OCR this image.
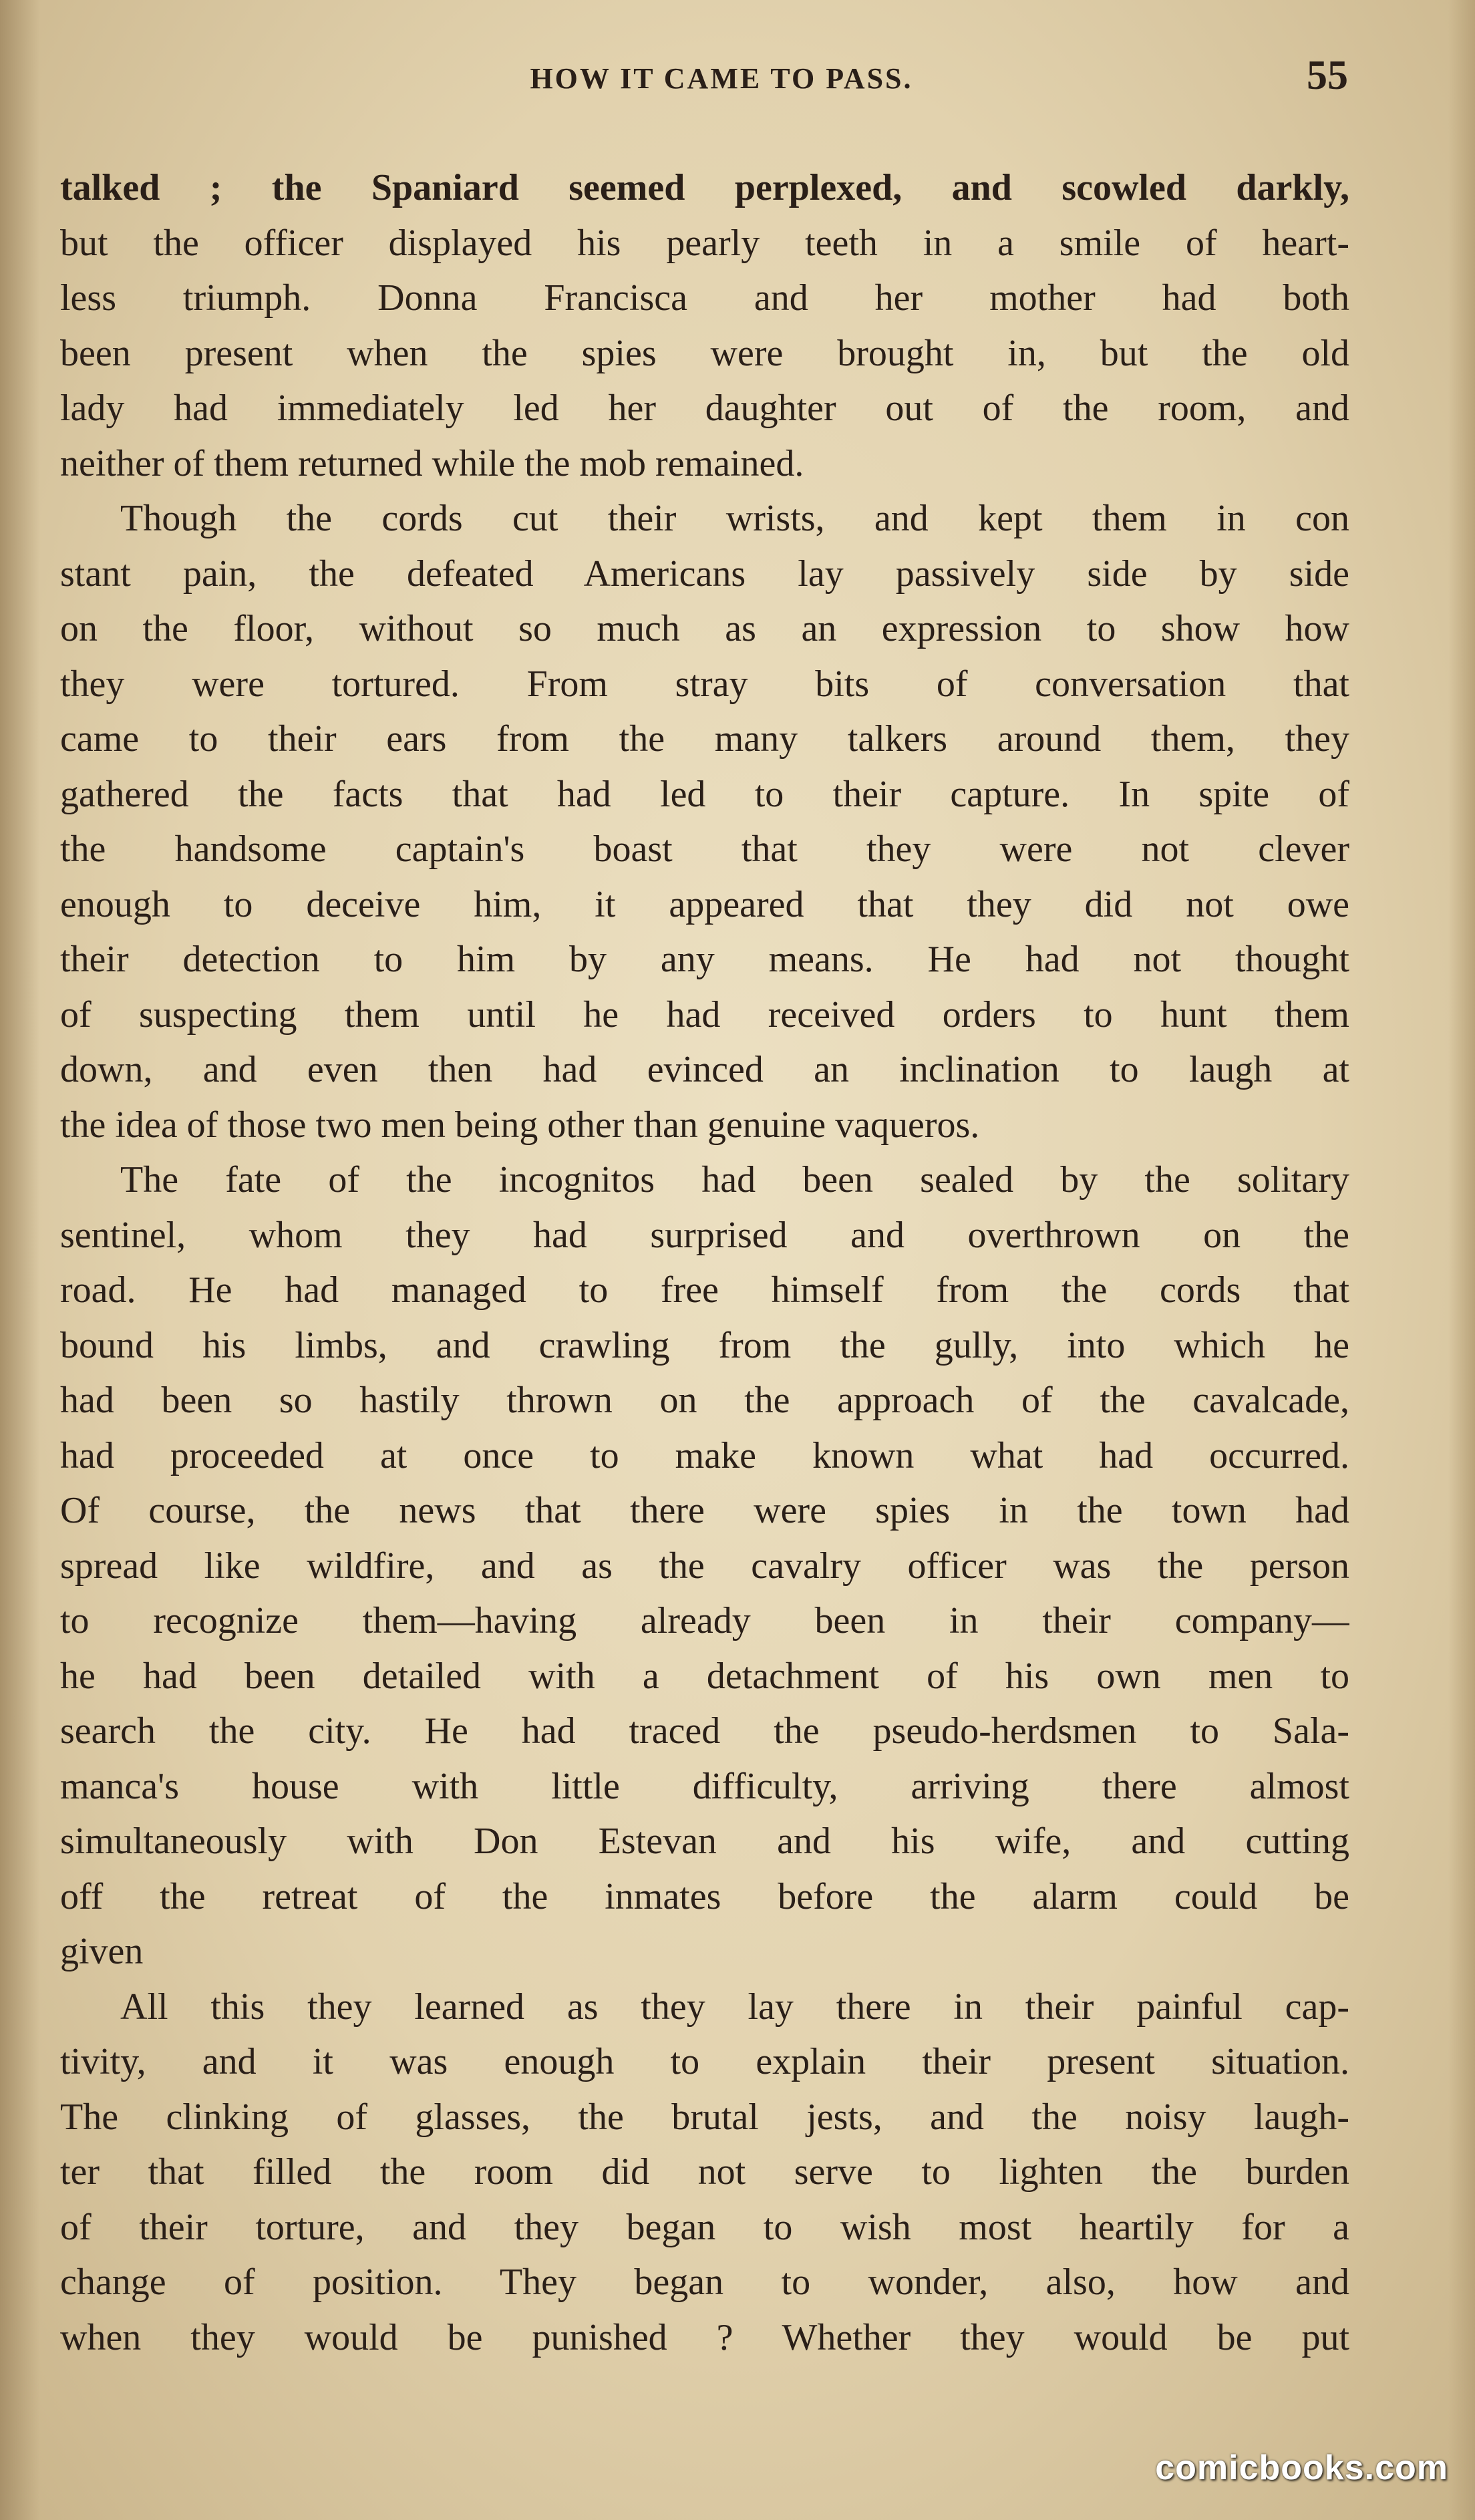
HOW IT CAME TO PASS.	55
talked ; the Spaniard seemed perplexed, and scowled darkly,
but the officer displayed his pearly teeth in a smile of heart-
less triumph. Donna Francisca and her mother had both
been present when the spies were brought in, but the old
lady had immediately led her daughter out of the room, and
neither of them returned while the mob remained.
Though the cords cut their wrists, and kept them in con
stant pain, the defeated Americans lay passively side by side
on the floor, without so much as an expression to show how
they were tortured. From stray bits of conversation that
came to their ears from the many talkers around them, they
gathered the facts that had led to their capture. In spite of
the handsome captain's boast that they were not clever
enough to deceive him, it appeared that they did not owe
their detection to him by any means. He had not thought
of suspecting them until he had received orders to hunt them
down, and even then had evinced an inclination to laugh at
the idea of those two men being other than genuine vaqueros.
The fate of the incognitos had been sealed by the solitary
sentinel, whom they had surprised and overthrown on the
road. He had managed to free himself from the cords that
bound his limbs, and crawling from the gully, into which he
had been so hastily thrown on the approach of the cavalcade,
had proceeded at once to make known what had occurred.
Of course, the news that there were spies in the town had
spread like wildfire, and as the cavalry officer was the person
to recognize them—having already been in their company—
he had been detailed with a detachment of his own men to
search the city. He had traced the pseudo-herdsmen to Sala-
manca's house with little difficulty, arriving there almost
simultaneously with Don Estevan and his wife, and cutting
off the retreat of the inmates before the alarm could be
given
All this they learned as they lay there in their painful cap-
tivity, and it was enough to explain their present situation.
The clinking of glasses, the brutal jests, and the noisy laugh-
ter that filled the room did not serve to lighten the burden
of their torture, and they began to wish most heartily for a
change of position. They began to wonder, also, how and
when they would be punished ? Whether they would be put
comicbooks.com
